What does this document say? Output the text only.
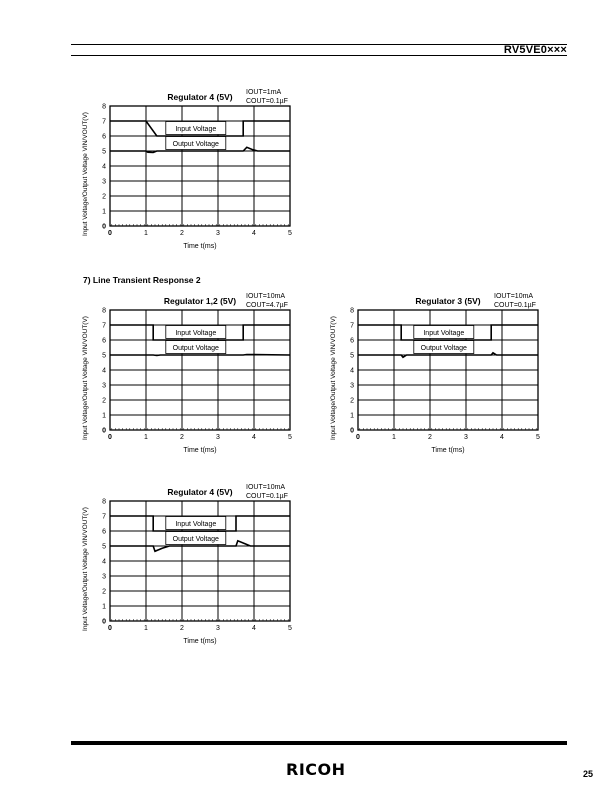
RV5VE0×××
7) Line Transient Response 2
Input Voltage
Output Voltage
0
1
2
3
4
5
6
7
8
0	1	2	3	4	5
Regulator 4 (5V) IOUT=1mA
COUT=0.1µF
Time t(ms)
Input Voltage/Output Voltage VIN/VOUT(V)
Input Voltage
Output Voltage
0
1
2
3
4
5
6
7
8
0	1	2	3	4	5
Regulator 1,2 (5V) IOUT=10mA
COUT=4.7µF
Time t(ms)
Input Voltage/Output Voltage VIN/VOUT(V)	Input Voltage
Output Voltage
0
1
2
3
4
5
6
7
8
0	1	2	3	4	5
Regulator 3 (5V) IOUT=10mA
COUT=0.1µF
Time t(ms)
Input Voltage/Output Voltage VIN/VOUT(V)
Input Voltage
Output Voltage
0
1
2
3
4
5
6
7
8
0	1	2	3	4	5
Regulator 4 (5V) IOUT=10mA
COUT=0.1µF
Time t(ms)
Input Voltage/Output Voltage VIN/VOUT(V)
RICOH	25
